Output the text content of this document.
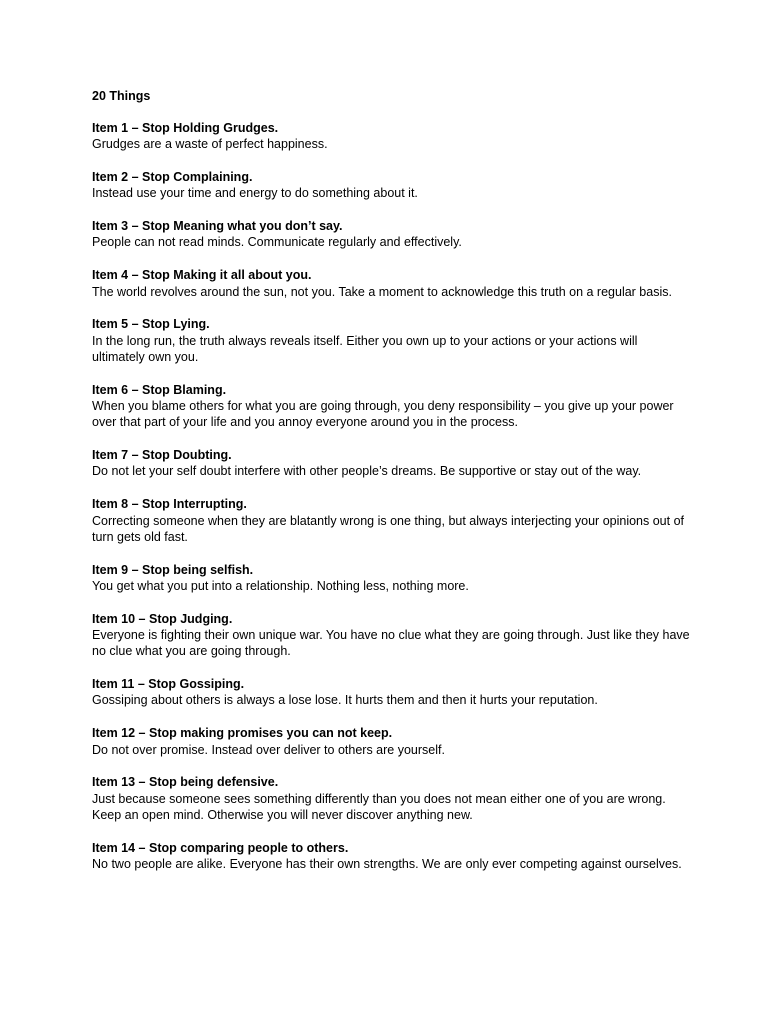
20 Things

Item 1 – Stop Holding Grudges.

Grudges are a waste of perfect happiness.

Item 2 – Stop Complaining.

Instead use your time and energy to do something about it.

Item 3 – Stop Meaning what you don’t say.

People can not read minds. Communicate regularly and effectively.

Item 4 – Stop Making it all about you.

The world revolves around the sun, not you. Take a moment to acknowledge this truth on a regular basis.

Item 5 – Stop Lying.

In the long run, the truth always reveals itself. Either you own up to your actions or your actions will ultimately own you.

Item 6 – Stop Blaming.

When you blame others for what you are going through, you deny responsibility – you give up your power over that part of your life and you annoy everyone around you in the process.

Item 7 – Stop Doubting.

Do not let your self doubt interfere with other people’s dreams. Be supportive or stay out of the way.

Item 8 – Stop Interrupting.

Correcting someone when they are blatantly wrong is one thing, but always interjecting your opinions out of turn gets old fast.

Item 9 – Stop being selfish.

You get what you put into a relationship. Nothing less, nothing more.

Item 10 – Stop Judging.

Everyone is fighting their own unique war. You have no clue what they are going through. Just like they have no clue what you are going through.

Item 11 – Stop Gossiping.

Gossiping about others is always a lose lose. It hurts them and then it hurts your reputation.

Item 12 – Stop making promises you can not keep.

Do not over promise. Instead over deliver to others are yourself.

Item 13 – Stop being defensive.

Just because someone sees something differently than you does not mean either one of you are wrong. Keep an open mind. Otherwise you will never discover anything new.

Item 14 – Stop comparing people to others.

No two people are alike. Everyone has their own strengths. We are only ever competing against ourselves.
